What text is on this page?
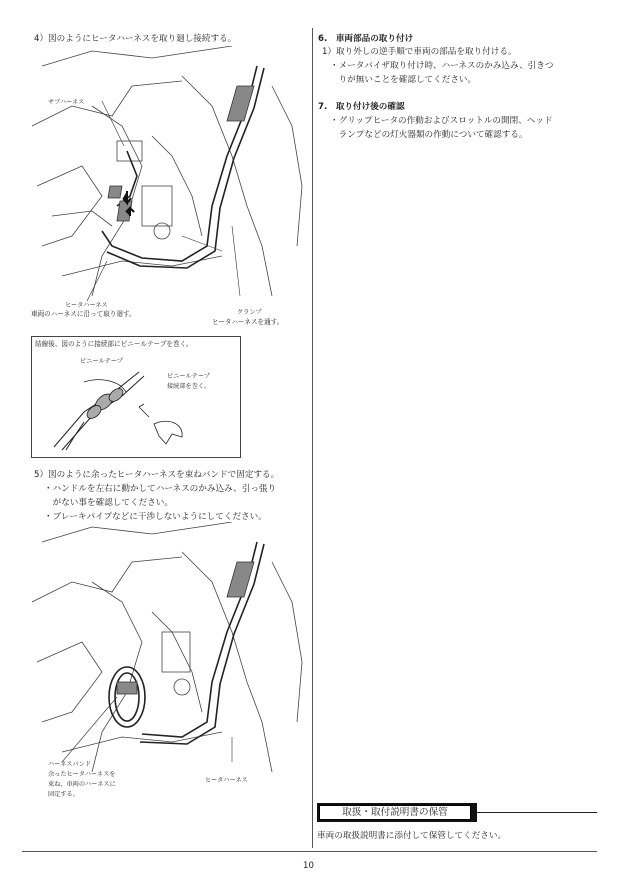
4）図のようにヒータハーネスを取り廻し接続する。
サブハーネス
ヒータハーネス
車両のハーネスに沿って取り廻す。	クランプ
ヒータハーネスを通す。
結線後、図のように接続部にビニールテープを巻く。
ビニールテープ
ビニールテープ
接続部を巻く。
5）図のように余ったヒータハーネスを束ねバンドで固定する。
・ハンドルを左右に動かしてハーネスのかみ込み、引っ張り
　がない事を確認してください。
・ブレーキパイプなどに干渉しないようにしてください。
ハーネスバンド
余ったヒータハーネスを
束ね、車両のハーネスに
固定する。
ヒータハーネス
6.　車両部品の取り付け
1）取り外しの逆手順で車両の部品を取り付ける。
・メータバイザ取り付け時、ハーネスのかみ込み、引きつ
　りが無いことを確認してください。
7.　取り付け後の確認
・グリップヒータの作動およびスロットルの開閉、ヘッド
　ランプなどの灯火器類の作動について確認する。
取扱・取付説明書の保管
車両の取扱説明書に添付して保管してください。
10
